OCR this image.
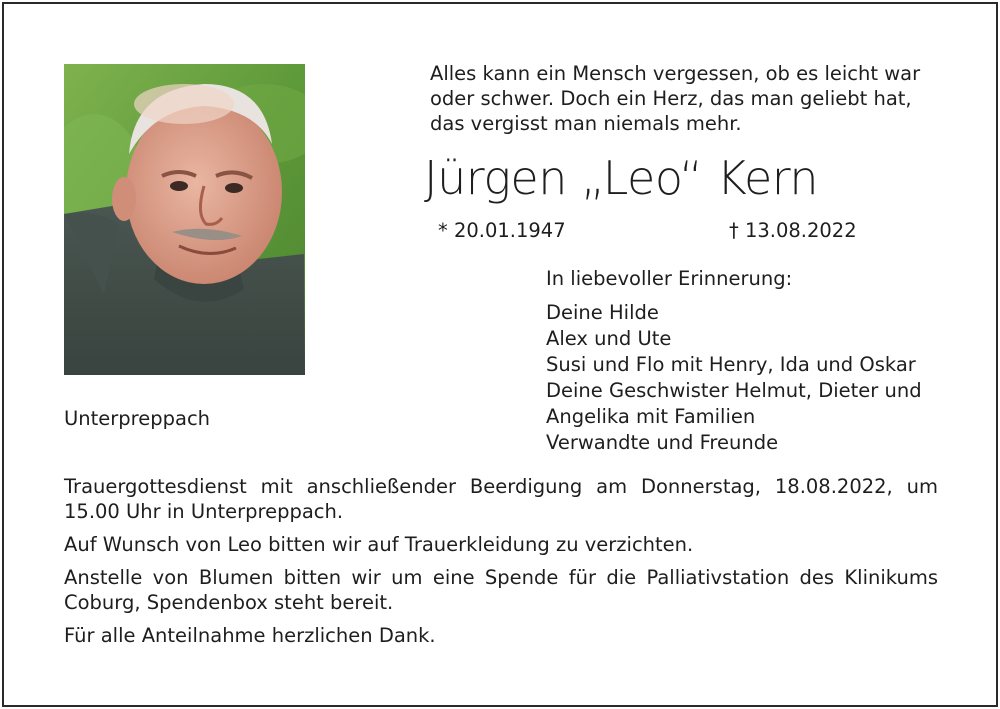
Alles kann ein Mensch vergessen, ob es leicht war
oder schwer. Doch ein Herz, das man geliebt hat,
das vergisst man niemals mehr.
Jürgen „Leo“ Kern
* 20.01.1947	† 13.08.2022
In liebevoller Erinnerung:
Deine Hilde
Alex und Ute
Susi und Flo mit Henry, Ida und Oskar
Deine Geschwister Helmut, Dieter und
Angelika mit Familien
Verwandte und Freunde
Unterpreppach

Trauergottesdienst mit anschließender Beerdigung am Donnerstag, 18.08.2022, um 15.00 Uhr in Unterpreppach.

Auf Wunsch von Leo bitten wir auf Trauerkleidung zu verzichten.

Anstelle von Blumen bitten wir um eine Spende für die Palliativstation des Klinikums Coburg, Spendenbox steht bereit.

Für alle Anteilnahme herzlichen Dank.
